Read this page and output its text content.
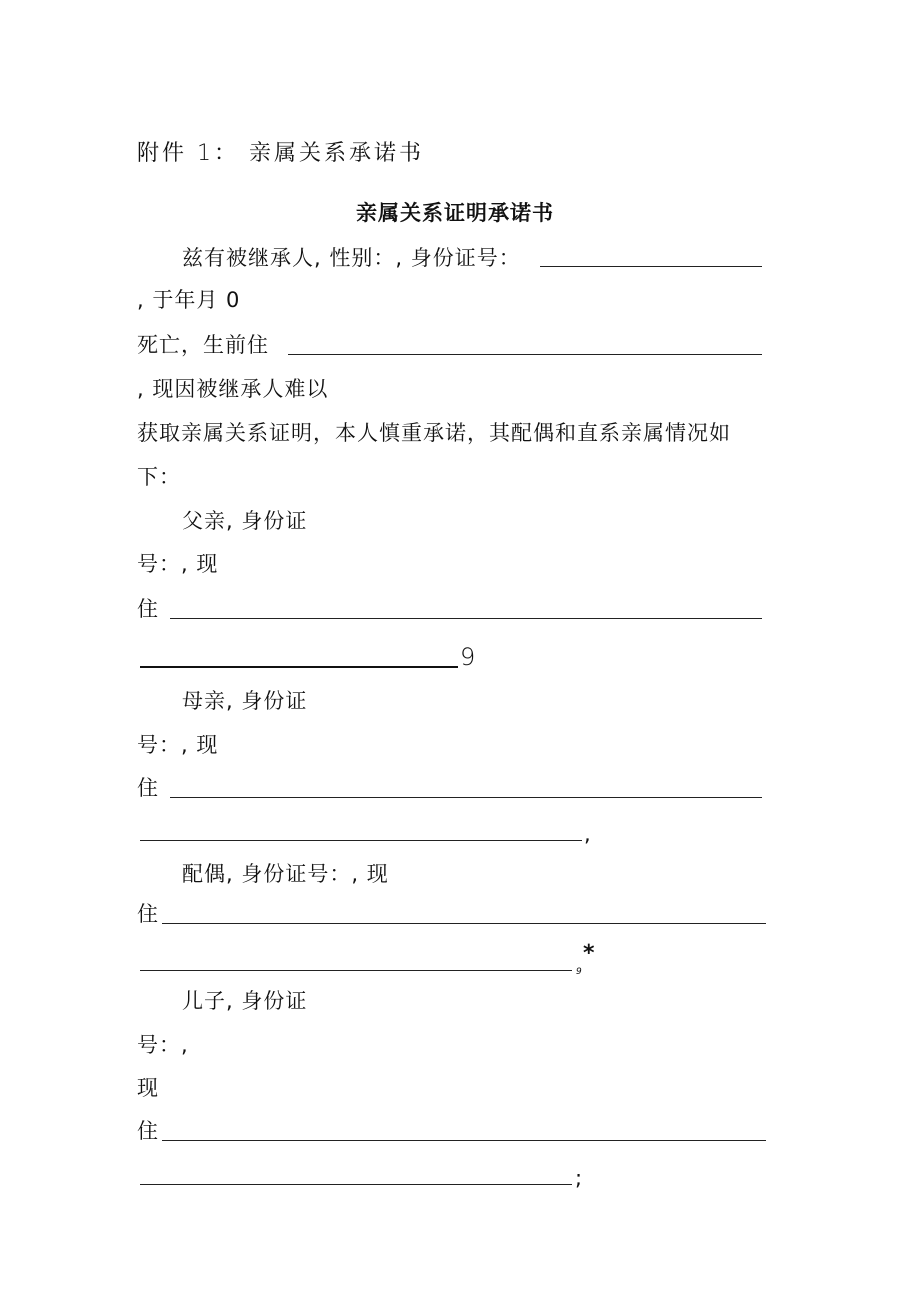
附件 1： 亲属关系承诺书
亲属关系证明承诺书
兹有被继承人, 性别：, 身份证号：
, 于年月 0
死亡，生前住
, 现因被继承人难以
获取亲属关系证明，本人慎重承诺，其配偶和直系亲属情况如
下：
父亲, 身份证
号：, 现
住
9
母亲, 身份证
号：, 现
住
,
配偶, 身份证号：, 现
住
9
*
儿子, 身份证
号：,
现
住
;
